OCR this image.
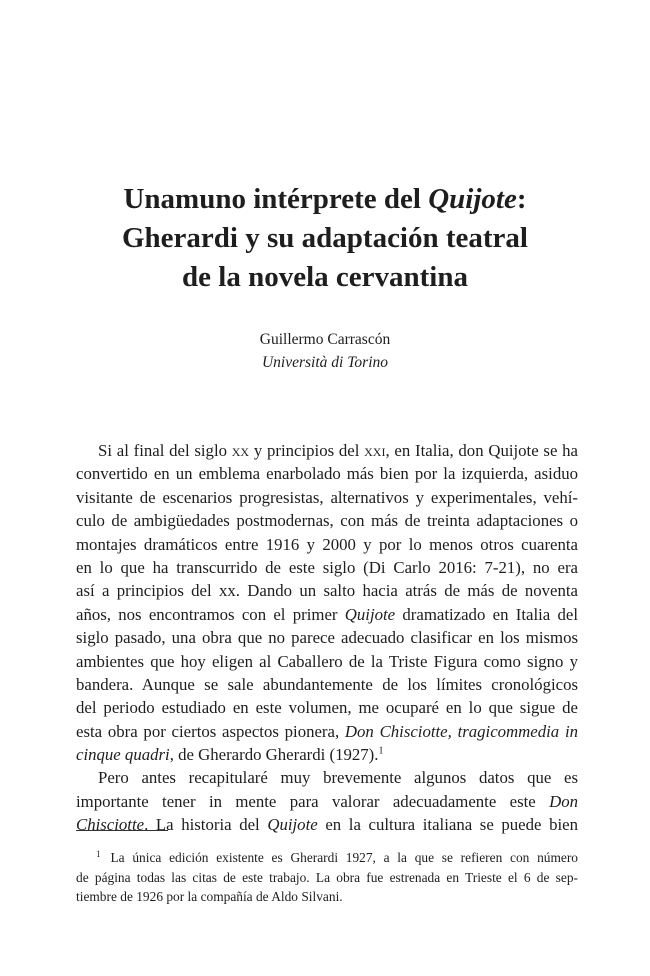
Unamuno intérprete del Quijote:
Gherardi y su adaptación teatral
de la novela cervantina
Guillermo Carrascón
Università di Torino
Si al final del siglo xx y principios del xxi, en Italia, don Quijote se ha
convertido en un emblema enarbolado más bien por la izquierda, asiduo
visitante de escenarios progresistas, alternativos y experimentales, vehí-
culo de ambigüedades postmodernas, con más de treinta adaptaciones o
montajes dramáticos entre 1916 y 2000 y por lo menos otros cuarenta
en lo que ha transcurrido de este siglo (Di Carlo 2016: 7-21), no era
así a principios del xx. Dando un salto hacia atrás de más de noventa
años, nos encontramos con el primer Quijote dramatizado en Italia del
siglo pasado, una obra que no parece adecuado clasificar en los mismos
ambientes que hoy eligen al Caballero de la Triste Figura como signo y
bandera. Aunque se sale abundantemente de los límites cronológicos
del periodo estudiado en este volumen, me ocuparé en lo que sigue de
esta obra por ciertos aspectos pionera, Don Chisciotte, tragicommedia in
cinque quadri, de Gherardo Gherardi (1927).$^1$
Pero antes recapitularé muy brevemente algunos datos que es
importante tener in mente para valorar adecuadamente este Don
Chisciotte. La historia del Quijote en la cultura italiana se puede bien
$^1$ La única edición existente es Gherardi 1927, a la que se refieren con número
de página todas las citas de este trabajo. La obra fue estrenada en Trieste el 6 de sep-
tiembre de 1926 por la compañía de Aldo Silvani.
